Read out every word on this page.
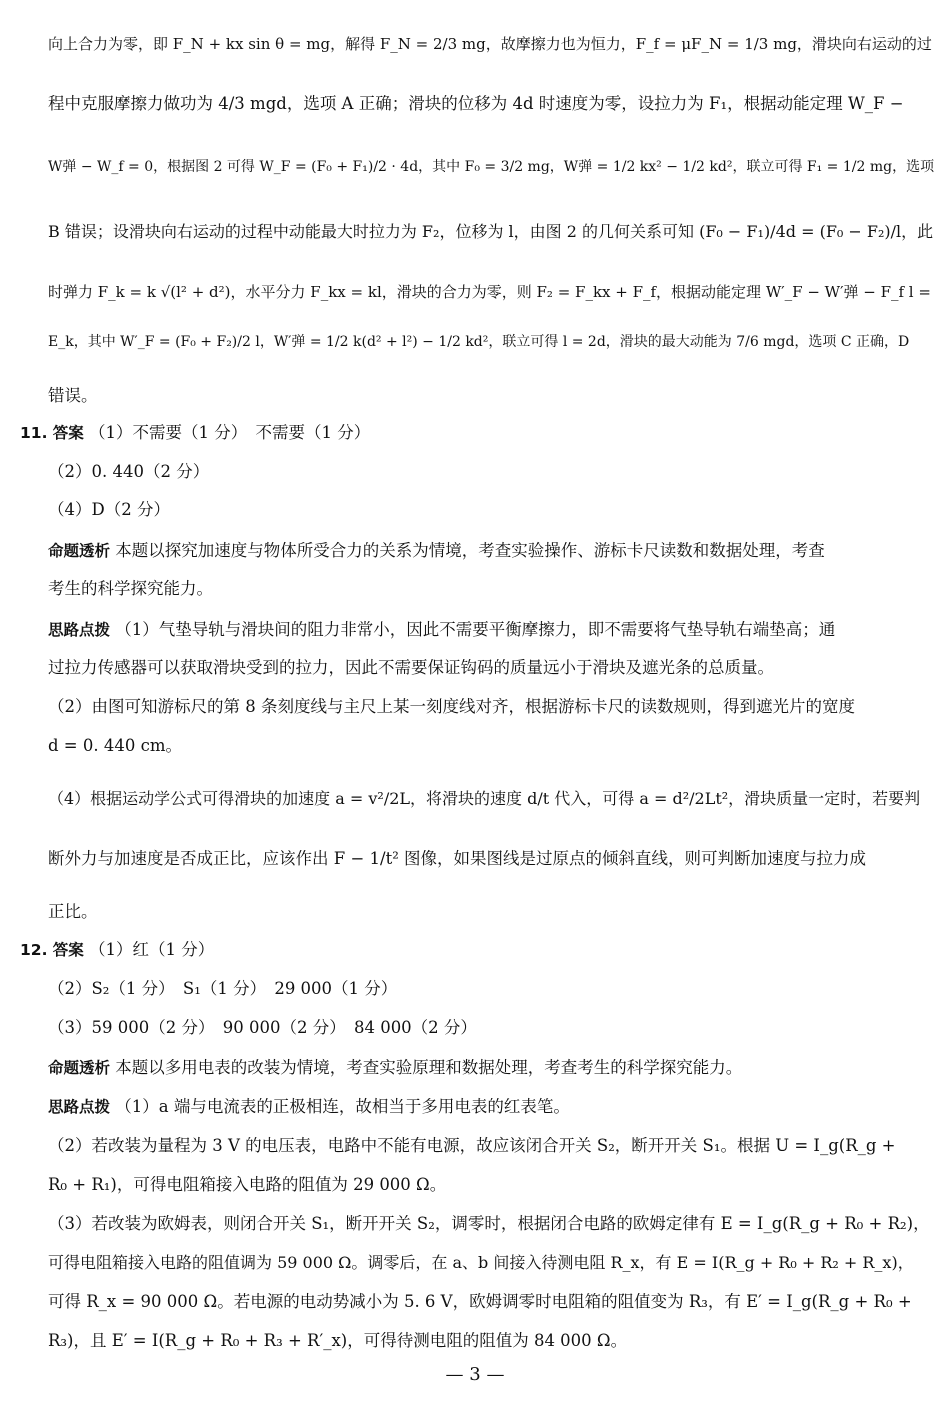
向上合力为零，即 F_N + kx sin θ = mg，解得 F_N = 2/3 mg，故摩擦力也为恒力，F_f = μF_N = 1/3 mg，滑块向右运动的过
程中克服摩擦力做功为 4/3 mgd，选项 A 正确；滑块的位移为 4d 时速度为零，设拉力为 F₁，根据动能定理 W_F −
W弹 − W_f = 0，根据图 2 可得 W_F = (F₀ + F₁)/2 · 4d，其中 F₀ = 3/2 mg，W弹 = 1/2 kx² − 1/2 kd²，联立可得 F₁ = 1/2 mg，选项
B 错误；设滑块向右运动的过程中动能最大时拉力为 F₂，位移为 l，由图 2 的几何关系可知 (F₀ − F₁)/4d = (F₀ − F₂)/l，此
时弹力 F_k = k √(l² + d²)，水平分力 F_kx = kl，滑块的合力为零，则 F₂ = F_kx + F_f，根据动能定理 W′_F − W′弹 − F_f l =
E_k，其中 W′_F = (F₀ + F₂)/2 l，W′弹 = 1/2 k(d² + l²) − 1/2 kd²，联立可得 l = 2d，滑块的最大动能为 7/6 mgd，选项 C 正确，D
错误。
11. 答案 （1）不需要（1 分）　不需要（1 分）
（2）0. 440（2 分）
（4）D（2 分）
命题透析 本题以探究加速度与物体所受合力的关系为情境，考查实验操作、游标卡尺读数和数据处理，考查
考生的科学探究能力。
思路点拨 （1）气垫导轨与滑块间的阻力非常小，因此不需要平衡摩擦力，即不需要将气垫导轨右端垫高；通
过拉力传感器可以获取滑块受到的拉力，因此不需要保证钩码的质量远小于滑块及遮光条的总质量。
（2）由图可知游标尺的第 8 条刻度线与主尺上某一刻度线对齐，根据游标卡尺的读数规则，得到遮光片的宽度
d = 0. 440 cm。
（4）根据运动学公式可得滑块的加速度 a = v²/2L，将滑块的速度 d/t 代入，可得 a = d²/2Lt²，滑块质量一定时，若要判
断外力与加速度是否成正比，应该作出 F − 1/t² 图像，如果图线是过原点的倾斜直线，则可判断加速度与拉力成
正比。
12. 答案 （1）红（1 分）
（2）S₂（1 分）　S₁（1 分）　29 000（1 分）
（3）59 000（2 分）　90 000（2 分）　84 000（2 分）
命题透析 本题以多用电表的改装为情境，考查实验原理和数据处理，考查考生的科学探究能力。
思路点拨 （1）a 端与电流表的正极相连，故相当于多用电表的红表笔。
（2）若改装为量程为 3 V 的电压表，电路中不能有电源，故应该闭合开关 S₂，断开开关 S₁。根据 U = I_g(R_g +
R₀ + R₁)，可得电阻箱接入电路的阻值为 29 000 Ω。
（3）若改装为欧姆表，则闭合开关 S₁，断开开关 S₂，调零时，根据闭合电路的欧姆定律有 E = I_g(R_g + R₀ + R₂)，
可得电阻箱接入电路的阻值调为 59 000 Ω。调零后，在 a、b 间接入待测电阻 R_x，有 E = I(R_g + R₀ + R₂ + R_x)，
可得 R_x = 90 000 Ω。若电源的电动势减小为 5. 6 V，欧姆调零时电阻箱的阻值变为 R₃，有 E′ = I_g(R_g + R₀ +
R₃)，且 E′ = I(R_g + R₀ + R₃ + R′_x)，可得待测电阻的阻值为 84 000 Ω。
— 3 —
